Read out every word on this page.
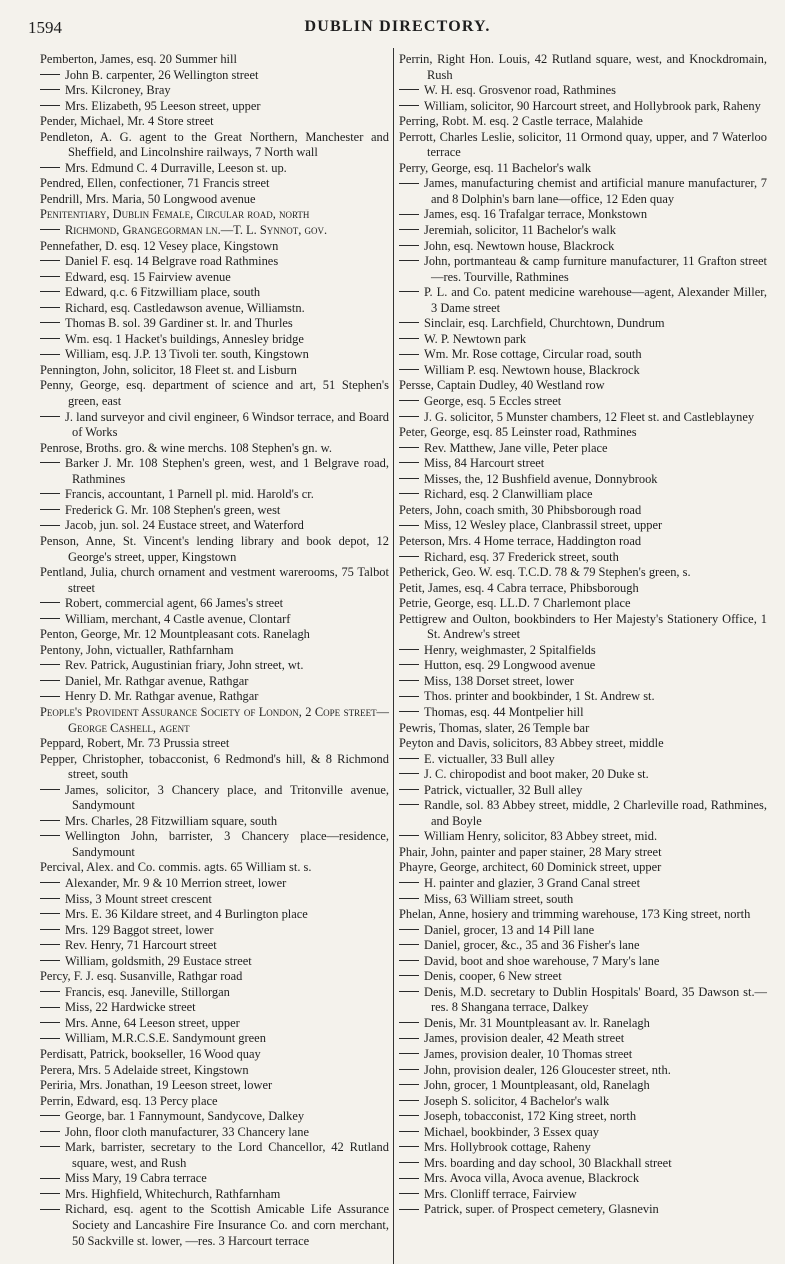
1594	DUBLIN DIRECTORY.
Pemberton, James, esq. 20 Summer hill
John B. carpenter, 26 Wellington street
Mrs. Kilcroney, Bray
Mrs. Elizabeth, 95 Leeson street, upper
Pender, Michael, Mr. 4 Store street
Pendleton, A. G. agent to the Great Northern, Manchester and Sheffield, and Lincolnshire railways, 7 North wall
Mrs. Edmund C. 4 Durraville, Leeson st. up.
Pendred, Ellen, confectioner, 71 Francis street
Pendrill, Mrs. Maria, 50 Longwood avenue
Penitentiary, Dublin Female, Circular road, north
Richmond, Grangegorman ln.—T. L. Synnot, gov.
Pennefather, D. esq. 12 Vesey place, Kingstown
Daniel F. esq. 14 Belgrave road Rathmines
Edward, esq. 15 Fairview avenue
Edward, q.c. 6 Fitzwilliam place, south
Richard, esq. Castledawson avenue, Williamstn.
Thomas B. sol. 39 Gardiner st. lr. and Thurles
Wm. esq. 1 Hacket's buildings, Annesley bridge
William, esq. J.P. 13 Tivoli ter. south, Kingstown
Pennington, John, solicitor, 18 Fleet st. and Lisburn
Penny, George, esq. department of science and art, 51 Stephen's green, east
J. land surveyor and civil engineer, 6 Windsor terrace, and Board of Works
Penrose, Broths. gro. & wine merchs. 108 Stephen's gn. w.
Barker J. Mr. 108 Stephen's green, west, and 1 Belgrave road, Rathmines
Francis, accountant, 1 Parnell pl. mid. Harold's cr.
Frederick G. Mr. 108 Stephen's green, west
Jacob, jun. sol. 24 Eustace street, and Waterford
Penson, Anne, St. Vincent's lending library and book depot, 12 George's street, upper, Kingstown
Pentland, Julia, church ornament and vestment warerooms, 75 Talbot street
Robert, commercial agent, 66 James's street
William, merchant, 4 Castle avenue, Clontarf
Penton, George, Mr. 12 Mountpleasant cots. Ranelagh
Pentony, John, victualler, Rathfarnham
Rev. Patrick, Augustinian friary, John street, wt.
Daniel, Mr. Rathgar avenue, Rathgar
Henry D. Mr. Rathgar avenue, Rathgar
People's Provident Assurance Society of London, 2 Cope street—George Cashell, agent
Peppard, Robert, Mr. 73 Prussia street
Pepper, Christopher, tobacconist, 6 Redmond's hill, & 8 Richmond street, south
James, solicitor, 3 Chancery place, and Tritonville avenue, Sandymount
Mrs. Charles, 28 Fitzwilliam square, south
Wellington John, barrister, 3 Chancery place—residence, Sandymount
Percival, Alex. and Co. commis. agts. 65 William st. s.
Alexander, Mr. 9 & 10 Merrion street, lower
Miss, 3 Mount street crescent
Mrs. E. 36 Kildare street, and 4 Burlington place
Mrs. 129 Baggot street, lower
Rev. Henry, 71 Harcourt street
William, goldsmith, 29 Eustace street
Percy, F. J. esq. Susanville, Rathgar road
Francis, esq. Janeville, Stillorgan
Miss, 22 Hardwicke street
Mrs. Anne, 64 Leeson street, upper
William, M.R.C.S.E. Sandymount green
Perdisatt, Patrick, bookseller, 16 Wood quay
Perera, Mrs. 5 Adelaide street, Kingstown
Periria, Mrs. Jonathan, 19 Leeson street, lower
Perrin, Edward, esq. 13 Percy place
George, bar. 1 Fannymount, Sandycove, Dalkey
John, floor cloth manufacturer, 33 Chancery lane
Mark, barrister, secretary to the Lord Chancellor, 42 Rutland square, west, and Rush
Miss Mary, 19 Cabra terrace
Mrs. Highfield, Whitechurch, Rathfarnham
Richard, esq. agent to the Scottish Amicable Life Assurance Society and Lancashire Fire Insurance Co. and corn merchant, 50 Sackville st. lower, —res. 3 Harcourt terrace
Perrin, Right Hon. Louis, 42 Rutland square, west, and Knockdromain, Rush
W. H. esq. Grosvenor road, Rathmines
William, solicitor, 90 Harcourt street, and Hollybrook park, Raheny
Perring, Robt. M. esq. 2 Castle terrace, Malahide
Perrott, Charles Leslie, solicitor, 11 Ormond quay, upper, and 7 Waterloo terrace
Perry, George, esq. 11 Bachelor's walk
James, manufacturing chemist and artificial manure manufacturer, 7 and 8 Dolphin's barn lane—office, 12 Eden quay
James, esq. 16 Trafalgar terrace, Monkstown
Jeremiah, solicitor, 11 Bachelor's walk
John, esq. Newtown house, Blackrock
John, portmanteau & camp furniture manufacturer, 11 Grafton street—res. Tourville, Rathmines
P. L. and Co. patent medicine warehouse—agent, Alexander Miller, 3 Dame street
Sinclair, esq. Larchfield, Churchtown, Dundrum
W. P. Newtown park
Wm. Mr. Rose cottage, Circular road, south
William P. esq. Newtown house, Blackrock
Persse, Captain Dudley, 40 Westland row
George, esq. 5 Eccles street
J. G. solicitor, 5 Munster chambers, 12 Fleet st. and Castleblayney
Peter, George, esq. 85 Leinster road, Rathmines
Rev. Matthew, Jane ville, Peter place
Miss, 84 Harcourt street
Misses, the, 12 Bushfield avenue, Donnybrook
Richard, esq. 2 Clanwilliam place
Peters, John, coach smith, 30 Phibsborough road
Miss, 12 Wesley place, Clanbrassil street, upper
Peterson, Mrs. 4 Home terrace, Haddington road
Richard, esq. 37 Frederick street, south
Petherick, Geo. W. esq. T.C.D. 78 & 79 Stephen's green, s.
Petit, James, esq. 4 Cabra terrace, Phibsborough
Petrie, George, esq. LL.D. 7 Charlemont place
Pettigrew and Oulton, bookbinders to Her Majesty's Stationery Office, 1 St. Andrew's street
Henry, weighmaster, 2 Spitalfields
Hutton, esq. 29 Longwood avenue
Miss, 138 Dorset street, lower
Thos. printer and bookbinder, 1 St. Andrew st.
Thomas, esq. 44 Montpelier hill
Pewris, Thomas, slater, 26 Temple bar
Peyton and Davis, solicitors, 83 Abbey street, middle
E. victualler, 33 Bull alley
J. C. chiropodist and boot maker, 20 Duke st.
Patrick, victualler, 32 Bull alley
Randle, sol. 83 Abbey street, middle, 2 Charleville road, Rathmines, and Boyle
William Henry, solicitor, 83 Abbey street, mid.
Phair, John, painter and paper stainer, 28 Mary street
Phayre, George, architect, 60 Dominick street, upper
H. painter and glazier, 3 Grand Canal street
Miss, 63 William street, south
Phelan, Anne, hosiery and trimming warehouse, 173 King street, north
Daniel, grocer, 13 and 14 Pill lane
Daniel, grocer, &c., 35 and 36 Fisher's lane
David, boot and shoe warehouse, 7 Mary's lane
Denis, cooper, 6 New street
Denis, M.D. secretary to Dublin Hospitals' Board, 35 Dawson st.—res. 8 Shangana terrace, Dalkey
Denis, Mr. 31 Mountpleasant av. lr. Ranelagh
James, provision dealer, 42 Meath street
James, provision dealer, 10 Thomas street
John, provision dealer, 126 Gloucester street, nth.
John, grocer, 1 Mountpleasant, old, Ranelagh
Joseph S. solicitor, 4 Bachelor's walk
Joseph, tobacconist, 172 King street, north
Michael, bookbinder, 3 Essex quay
Mrs. Hollybrook cottage, Raheny
Mrs. boarding and day school, 30 Blackhall street
Mrs. Avoca villa, Avoca avenue, Blackrock
Mrs. Clonliff terrace, Fairview
Patrick, super. of Prospect cemetery, Glasnevin
